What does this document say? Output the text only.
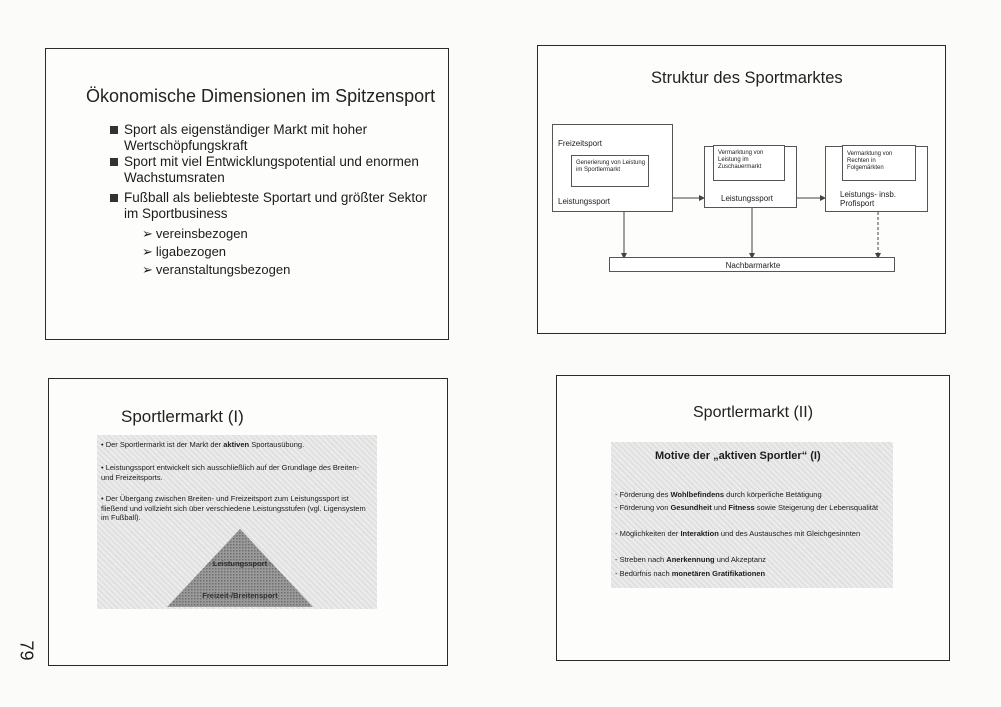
Ökonomische Dimensionen im Spitzensport
Sport als eigenständiger Markt mit hoher Wertschöpfungskraft
Sport mit viel Entwicklungspotential und enormen Wachstumsraten
Fußball als beliebteste Sportart und größter Sektor im Sportbusiness
➢ vereinsbezogen
➢ ligabezogen
➢ veranstaltungsbezogen
Struktur des Sportmarktes
Freizeitsport
Generierung von Leistung im Sportlermarkt
Leistungssport
Vermarktung von Leistung im Zuschauermarkt
Leistungssport
Vermarktung von Rechten in Folgemärkten
Leistungs- insb. Profisport
Nachbarmarkte
Sportlermarkt (I)
• Der Sportlermarkt ist der Markt der aktiven Sportausübung.
• Leistungssport entwickelt sich ausschließlich auf der Grundlage des Breiten- und Freizeitsports.
• Der Übergang zwischen Breiten- und Freizeitsport zum Leistungssport ist fließend und vollzieht sich über verschiedene Leistungsstufen (vgl. Ligensystem im Fußball).
Leistungssport
Freizeit-/Breitensport
Sportlermarkt (II)
Motive der „aktiven Sportler“ (I)
- Förderung des Wohlbefindens durch körperliche Betätigung
- Förderung von Gesundheit und Fitness sowie Steigerung der Lebensqualität
- Möglichkeiten der Interaktion und des Austausches mit Gleichgesinnten
- Streben nach Anerkennung und Akzeptanz
- Bedürfnis nach monetären Gratifikationen
79
